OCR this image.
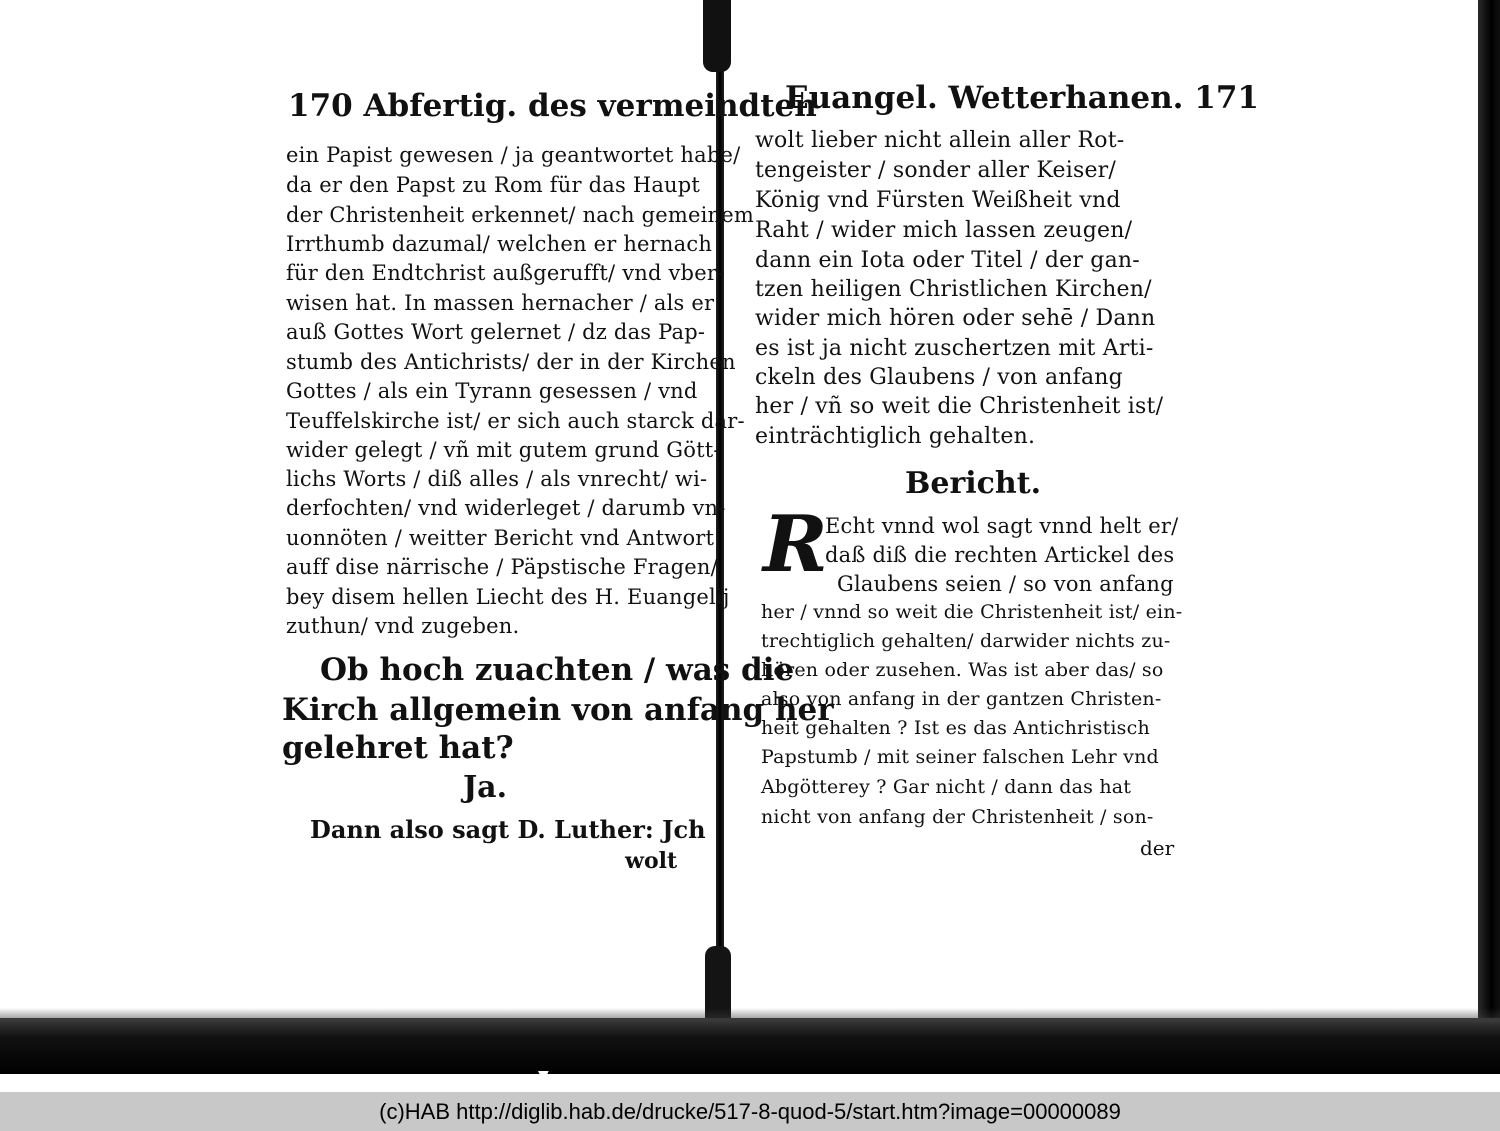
▼
170 Abfertig. des vermeindten
ein Papist gewesen / ja geantwortet habe/
da er den Papst zu Rom für das Haupt
der Christenheit erkennet/ nach gemeinem
Irrthumb dazumal/ welchen er hernach
für den Endtchrist außgerufft/ vnd vber-
wisen hat. In massen hernacher / als er
auß Gottes Wort gelernet / dz das Pap-
stumb des Antichrists/ der in der Kirchen
Gottes / als ein Tyrann gesessen / vnd
Teuffelskirche ist/ er sich auch starck dar-
wider gelegt / vñ mit gutem grund Gött-
lichs Worts / diß alles / als vnrecht/ wi-
derfochten/ vnd widerleget / darumb vn-
uonnöten / weitter Bericht vnd Antwort
auff dise närrische / Päpstische Fragen/
bey disem hellen Liecht des H. Euangelij
zuthun/ vnd zugeben.
Ob hoch zuachten / was die
Kirch allgemein von anfang her
gelehret hat?
Ja.
Dann also sagt D. Luther: Jch
wolt
Euangel. Wetterhanen. 171
wolt lieber nicht allein aller Rot-
tengeister / sonder aller Keiser/
König vnd Fürsten Weißheit vnd
Raht / wider mich lassen zeugen/
dann ein Iota oder Titel / der gan-
tzen heiligen Christlichen Kirchen/
wider mich hören oder sehē / Dann
es ist ja nicht zuschertzen mit Arti-
ckeln des Glaubens / von anfang
her / vñ so weit die Christenheit ist/
einträchtiglich gehalten.
Bericht.
R
Echt vnnd wol sagt vnnd helt er/
daß diß die rechten Artickel des
Glaubens seien / so von anfang
her / vnnd so weit die Christenheit ist/ ein-
trechtiglich gehalten/ darwider nichts zu-
hören oder zusehen. Was ist aber das/ so
also von anfang in der gantzen Christen-
heit gehalten ? Ist es das Antichristisch
Papstumb / mit seiner falschen Lehr vnd
Abgötterey ? Gar nicht / dann das hat
nicht von anfang der Christenheit / son-
der
(c)HAB http://diglib.hab.de/drucke/517-8-quod-5/start.htm?image=00000089
